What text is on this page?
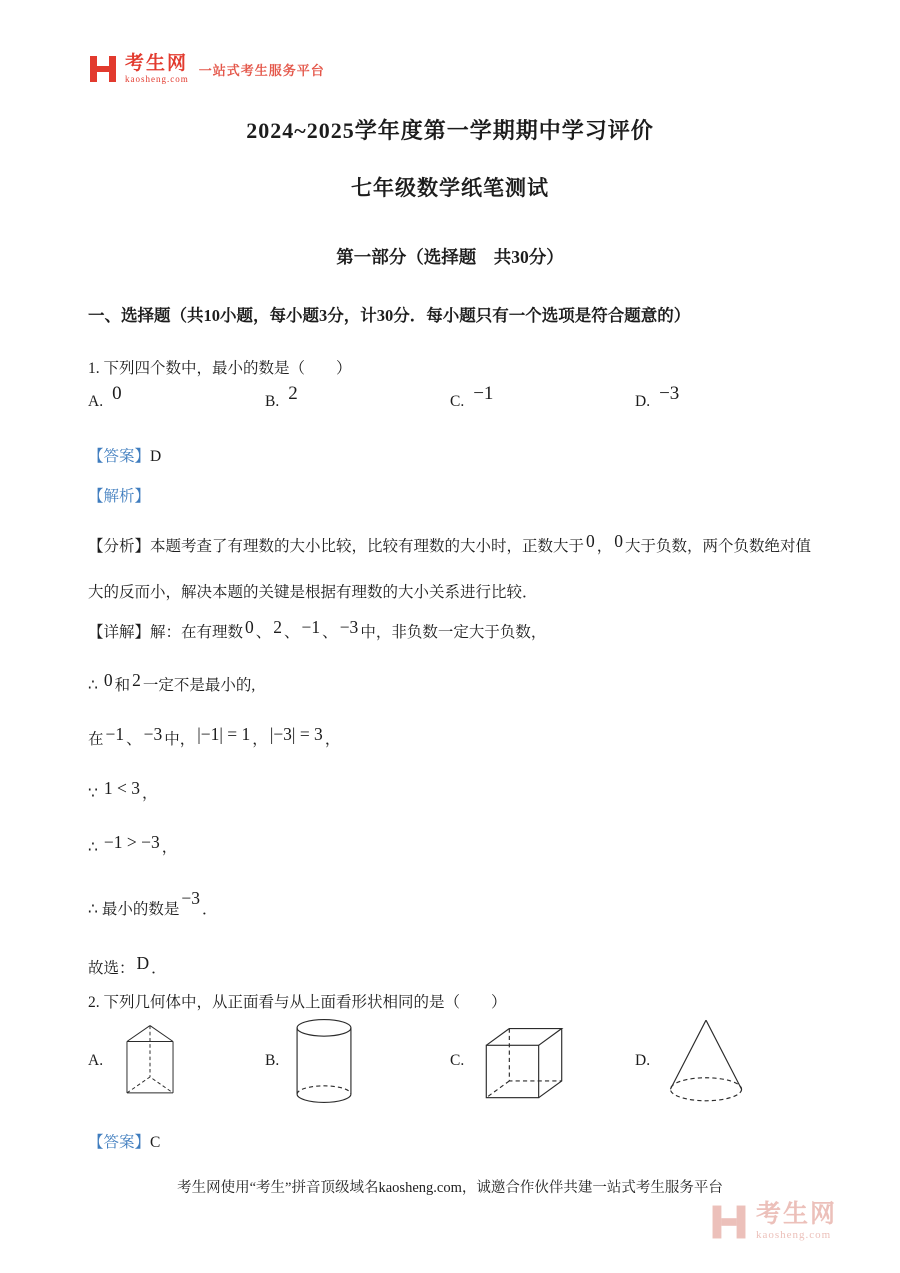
考生网
kaosheng.com
一站式考生服务平台
2024~2025学年度第一学期期中学习评价
七年级数学纸笔测试
第一部分（选择题　共30分）
一、选择题（共10小题，每小题3分，计30分．每小题只有一个选项是符合题意的）
1. 下列四个数中，最小的数是（　　）
A. 0	B. 2	C. −1	D. −3
【答案】D
【解析】
【分析】本题考查了有理数的大小比较，比较有理数的大小时，正数大于 0 ， 0 大于负数，两个负数绝对值大的反而小，解决本题的关键是根据有理数的大小关系进行比较．
【详解】解：在有理数 0 、 2 、 −1 、 −3 中，非负数一定大于负数，
∴ 0 和 2 一定不是最小的,
在 −1 、 −3 中， |−1| = 1 ， |−3| = 3 ，
∵ 1 < 3 ，
∴ −1 > −3 ，
∴ 最小的数是−3．
故选： D ．
2. 下列几何体中，从正面看与从上面看形状相同的是（　　）
A.	B.	C.	D.
【答案】C
考生网使用“考生”拼音顶级域名kaosheng.com，诚邀合作伙伴共建一站式考生服务平台
考生网
kaosheng.com
